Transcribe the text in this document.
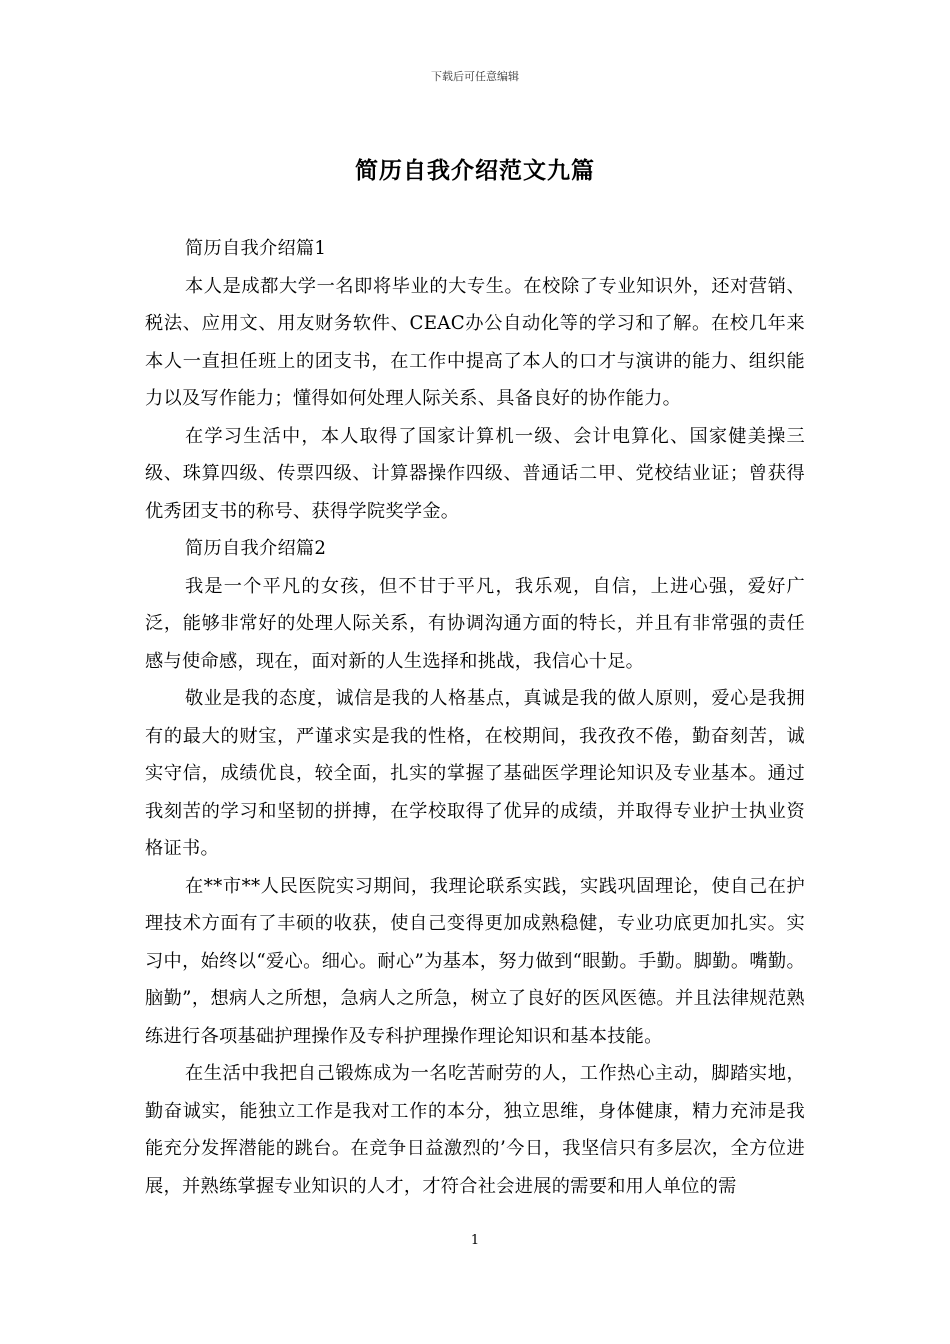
下载后可任意编辑
简历自我介绍范文九篇

简历自我介绍篇1

本人是成都大学一名即将毕业的大专生。在校除了专业知识外，还对营销、税法、应用文、用友财务软件、CEAC办公自动化等的学习和了解。在校几年来本人一直担任班上的团支书，在工作中提高了本人的口才与演讲的能力、组织能力以及写作能力；懂得如何处理人际关系、具备良好的协作能力。

在学习生活中，本人取得了国家计算机一级、会计电算化、国家健美操三级、珠算四级、传票四级、计算器操作四级、普通话二甲、党校结业证；曾获得优秀团支书的称号、获得学院奖学金。

简历自我介绍篇2

我是一个平凡的女孩，但不甘于平凡，我乐观，自信，上进心强，爱好广泛，能够非常好的处理人际关系，有协调沟通方面的特长，并且有非常强的责任感与使命感，现在，面对新的人生选择和挑战，我信心十足。

敬业是我的态度，诚信是我的人格基点，真诚是我的做人原则，爱心是我拥有的最大的财宝，严谨求实是我的性格，在校期间，我孜孜不倦，勤奋刻苦，诚实守信，成绩优良，较全面，扎实的掌握了基础医学理论知识及专业基本。通过我刻苦的学习和坚韧的拼搏，在学校取得了优异的成绩，并取得专业护士执业资格证书。

在**市**人民医院实习期间，我理论联系实践，实践巩固理论，使自己在护理技术方面有了丰硕的收获，使自己变得更加成熟稳健，专业功底更加扎实。实习中，始终以“爱心。细心。耐心”为基本，努力做到“眼勤。手勤。脚勤。嘴勤。脑勤”，想病人之所想，急病人之所急，树立了良好的医风医德。并且法律规范熟练进行各项基础护理操作及专科护理操作理论知识和基本技能。

在生活中我把自己锻炼成为一名吃苦耐劳的人，工作热心主动，脚踏实地，勤奋诚实，能独立工作是我对工作的本分，独立思维，身体健康，精力充沛是我能充分发挥潜能的跳台。在竞争日益激烈的’今日，我坚信只有多层次，全方位进展，并熟练掌握专业知识的人才，才符合社会进展的需要和用人单位的需

1
